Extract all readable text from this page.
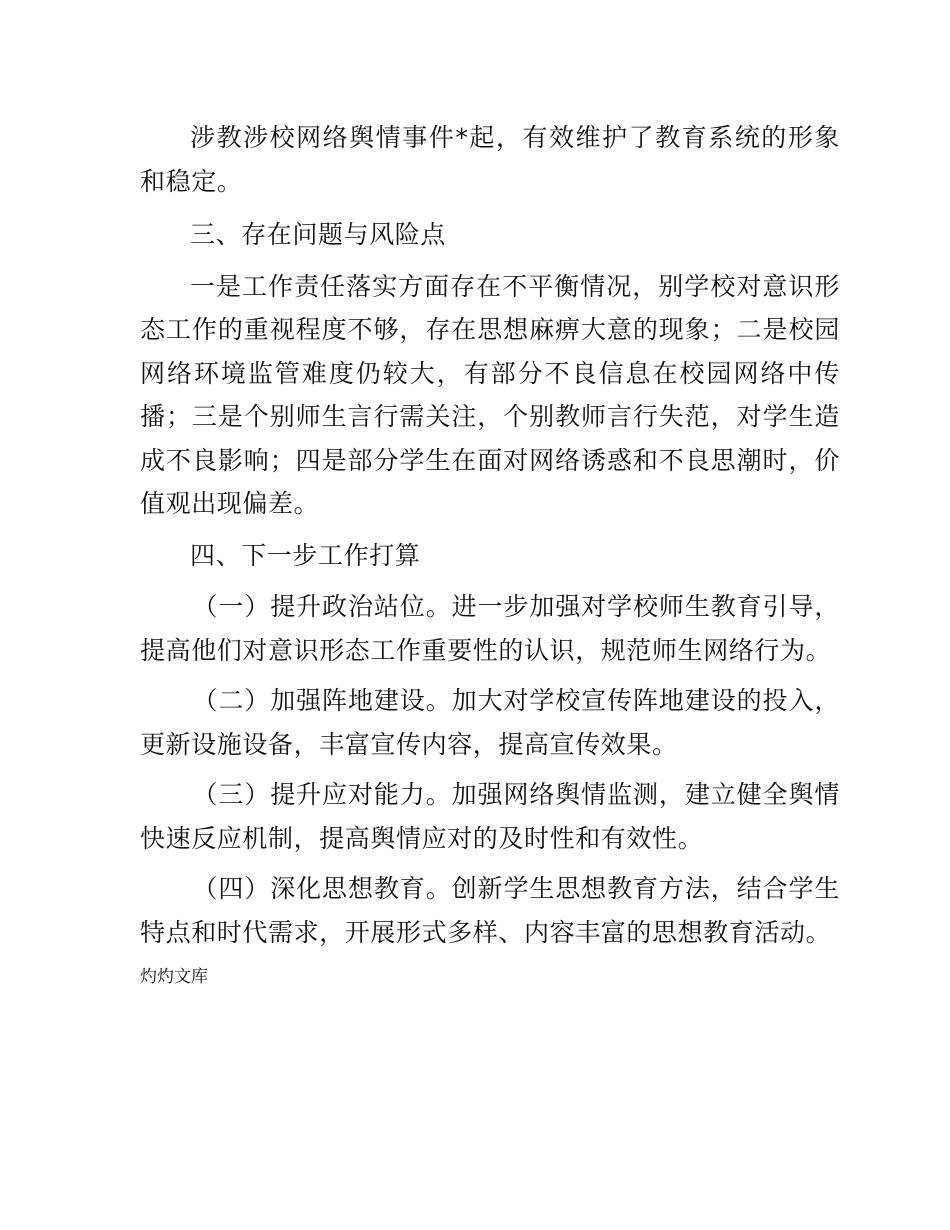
涉教涉校网络舆情事件*起，有效维护了教育系统的形象和稳定。

三、存在问题与风险点

一是工作责任落实方面存在不平衡情况，别学校对意识形态工作的重视程度不够，存在思想麻痹大意的现象；二是校园网络环境监管难度仍较大，有部分不良信息在校园网络中传播；三是个别师生言行需关注，个别教师言行失范，对学生造成不良影响；四是部分学生在面对网络诱惑和不良思潮时，价值观出现偏差。

四、下一步工作打算

（一）提升政治站位。进一步加强对学校师生教育引导，提高他们对意识形态工作重要性的认识，规范师生网络行为。

（二）加强阵地建设。加大对学校宣传阵地建设的投入，更新设施设备，丰富宣传内容，提高宣传效果。

（三）提升应对能力。加强网络舆情监测，建立健全舆情快速反应机制，提高舆情应对的及时性和有效性。

（四）深化思想教育。创新学生思想教育方法，结合学生特点和时代需求，开展形式多样、内容丰富的思想教育活动。

灼灼文库
